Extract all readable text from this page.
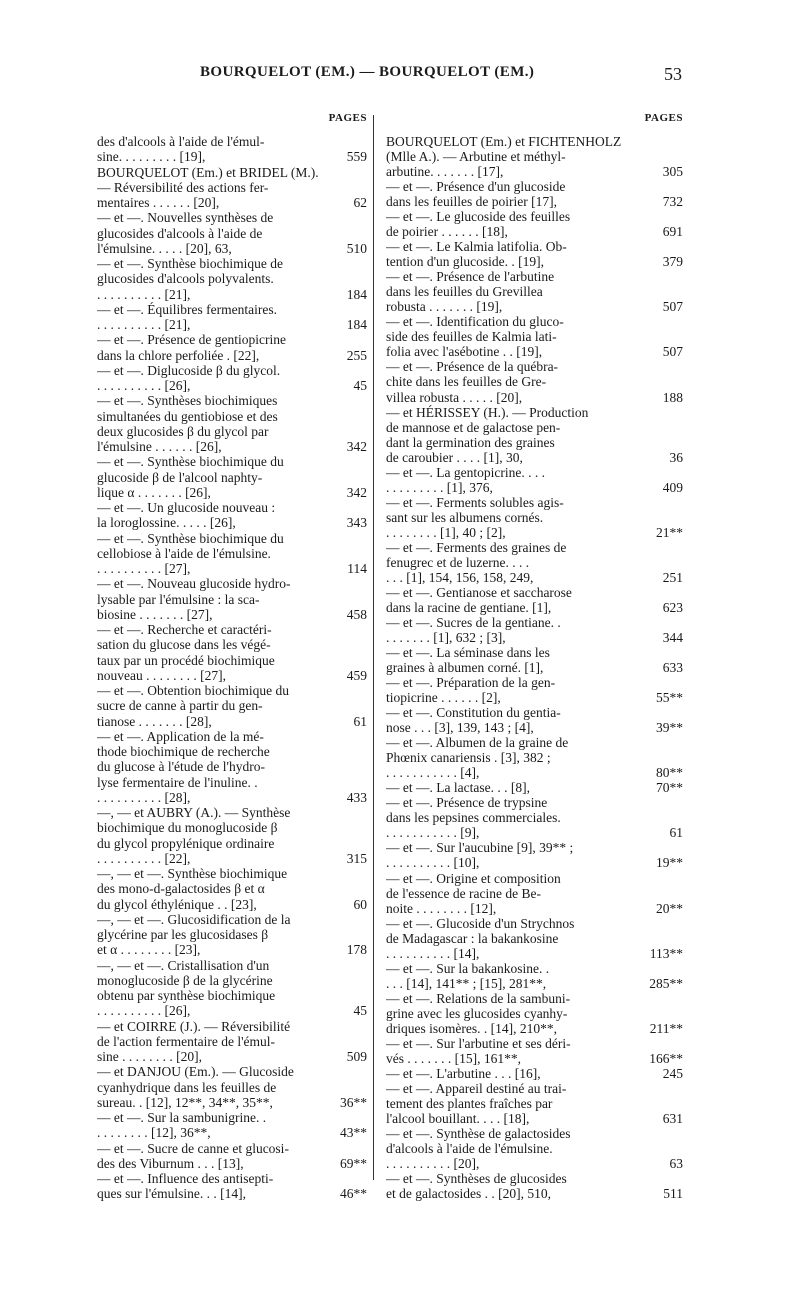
BOURQUELOT (EM.) — BOURQUELOT (EM.)	53
PAGES
des d'alcools à l'aide de l'émul-
sine. . . . . . . . . [19],	559
BOURQUELOT (Em.) et BRIDEL (M.).
— Réversibilité des actions fer-
mentaires . . . . . . [20],	62
— et —. Nouvelles synthèses de
glucosides d'alcools à l'aide de
l'émulsine. . . . . [20], 63,	510
— et —. Synthèse biochimique de
glucosides d'alcools polyvalents.
. . . . . . . . . . [21],	184
— et —. Équilibres fermentaires.
. . . . . . . . . . [21],	184
— et —. Présence de gentiopicrine
dans la chlore perfoliée . [22],	255
— et —. Diglucoside β du glycol.
. . . . . . . . . . [26],	45
— et —. Synthèses biochimiques
simultanées du gentiobiose et des
deux glucosides β du glycol par
l'émulsine . . . . . . [26],	342
— et —. Synthèse biochimique du
glucoside β de l'alcool naphty-
lique α . . . . . . . [26],	342
— et —. Un glucoside nouveau :
la loroglossine. . . . . [26],	343
— et —. Synthèse biochimique du
cellobiose à l'aide de l'émulsine.
. . . . . . . . . . [27],	114
— et —. Nouveau glucoside hydro-
lysable par l'émulsine : la sca-
biosine . . . . . . . [27],	458
— et —. Recherche et caractéri-
sation du glucose dans les végé-
taux par un procédé biochimique
nouveau . . . . . . . . [27],	459
— et —. Obtention biochimique du
sucre de canne à partir du gen-
tianose . . . . . . . [28],	61
— et —. Application de la mé-
thode biochimique de recherche
du glucose à l'étude de l'hydro-
lyse fermentaire de l'inuline. .
. . . . . . . . . . [28],	433
—, — et AUBRY (A.). — Synthèse
biochimique du monoglucoside β
du glycol propylénique ordinaire
. . . . . . . . . . [22],	315
—, — et —. Synthèse biochimique
des mono-d-galactosides β et α
du glycol éthylénique . . [23],	60
—, — et —. Glucosidification de la
glycérine par les glucosidases β
et α . . . . . . . . [23],	178
—, — et —. Cristallisation d'un
monoglucoside β de la glycérine
obtenu par synthèse biochimique
. . . . . . . . . . [26],	45
— et COIRRE (J.). — Réversibilité
de l'action fermentaire de l'émul-
sine . . . . . . . . [20],	509
— et DANJOU (Em.). — Glucoside
cyanhydrique dans les feuilles de
sureau. . [12], 12**, 34**, 35**,	36**
— et —. Sur la sambunigrine. .
. . . . . . . . [12], 36**,	43**
— et —. Sucre de canne et glucosi-
des des Viburnum . . . [13],	69**
— et —. Influence des antisepti-
ques sur l'émulsine. . . [14],	46**
PAGES
BOURQUELOT (Em.) et FICHTENHOLZ
(Mlle A.). — Arbutine et méthyl-
arbutine. . . . . . . [17],	305
— et —. Présence d'un glucoside
dans les feuilles de poirier [17],	732
— et —. Le glucoside des feuilles
de poirier . . . . . . [18],	691
— et —. Le Kalmia latifolia. Ob-
tention d'un glucoside. . [19],	379
— et —. Présence de l'arbutine
dans les feuilles du Grevillea
robusta . . . . . . . [19],	507
— et —. Identification du gluco-
side des feuilles de Kalmia lati-
folia avec l'asébotine . . [19],	507
— et —. Présence de la québra-
chite dans les feuilles de Gre-
villea robusta . . . . . [20],	188
— et HÉRISSEY (H.). — Production
de mannose et de galactose pen-
dant la germination des graines
de caroubier . . . . [1], 30,	36
— et —. La gentopicrine. . . .
. . . . . . . . . [1], 376,	409
— et —. Ferments solubles agis-
sant sur les albumens cornés.
. . . . . . . . [1], 40 ; [2],	21**
— et —. Ferments des graines de
fenugrec et de luzerne. . . .
. . . [1], 154, 156, 158, 249,	251
— et —. Gentianose et saccharose
dans la racine de gentiane. [1],	623
— et —. Sucres de la gentiane. .
. . . . . . . [1], 632 ; [3],	344
— et —. La séminase dans les
graines à albumen corné. [1],	633
— et —. Préparation de la gen-
tiopicrine . . . . . . [2],	55**
— et —. Constitution du gentia-
nose . . . [3], 139, 143 ; [4],	39**
— et —. Albumen de la graine de
Phœnix canariensis . [3], 382 ;
. . . . . . . . . . . [4],	80**
— et —. La lactase. . . [8],	70**
— et —. Présence de trypsine
dans les pepsines commerciales.
. . . . . . . . . . . [9],	61
— et —. Sur l'aucubine [9], 39** ;
. . . . . . . . . . [10],	19**
— et —. Origine et composition
de l'essence de racine de Be-
noite . . . . . . . . [12],	20**
— et —. Glucoside d'un Strychnos
de Madagascar : la bakankosine
. . . . . . . . . . [14],	113**
— et —. Sur la bakankosine. .
. . . [14], 141** ; [15], 281**,	285**
— et —. Relations de la sambuni-
grine avec les glucosides cyanhy-
driques isomères. . [14], 210**,	211**
— et —. Sur l'arbutine et ses déri-
vés . . . . . . . [15], 161**,	166**
— et —. L'arbutine . . . [16],	245
— et —. Appareil destiné au trai-
tement des plantes fraîches par
l'alcool bouillant. . . . [18],	631
— et —. Synthèse de galactosides
d'alcools à l'aide de l'émulsine.
. . . . . . . . . . [20],	63
— et —. Synthèses de glucosides
et de galactosides . . [20], 510,	511
